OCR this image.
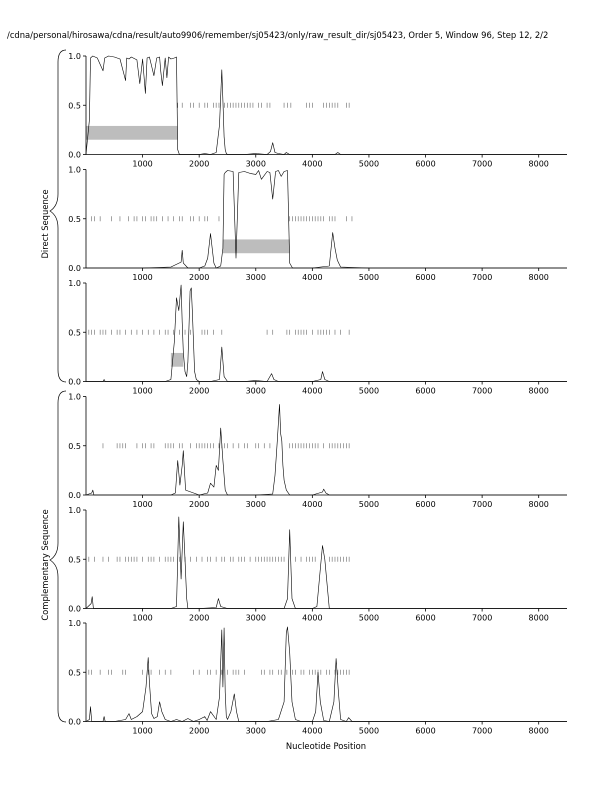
/cdna/personal/hirosawa/cdna/result/auto9906/remember/sj05423/only/raw_result_dir/sj05423, Order 5, Window 96, Step 12, 2/2
0.0
0.5
1.0
1000	2000	3000	4000	5000	6000	7000	8000
0.0
0.5
1.0
1000	2000	3000	4000	5000	6000	7000	8000
0.0
0.5
1.0
1000	2000	3000	4000	5000	6000	7000	8000
0.0
0.5
1.0
1000	2000	3000	4000	5000	6000	7000	8000
0.0
0.5
1.0
1000	2000	3000	4000	5000	6000	7000	8000
0.0
0.5
1.0
1000	2000	3000	4000	5000	6000	7000	8000
Nucleotide Position
Direct Sequence
Complementary Sequence
